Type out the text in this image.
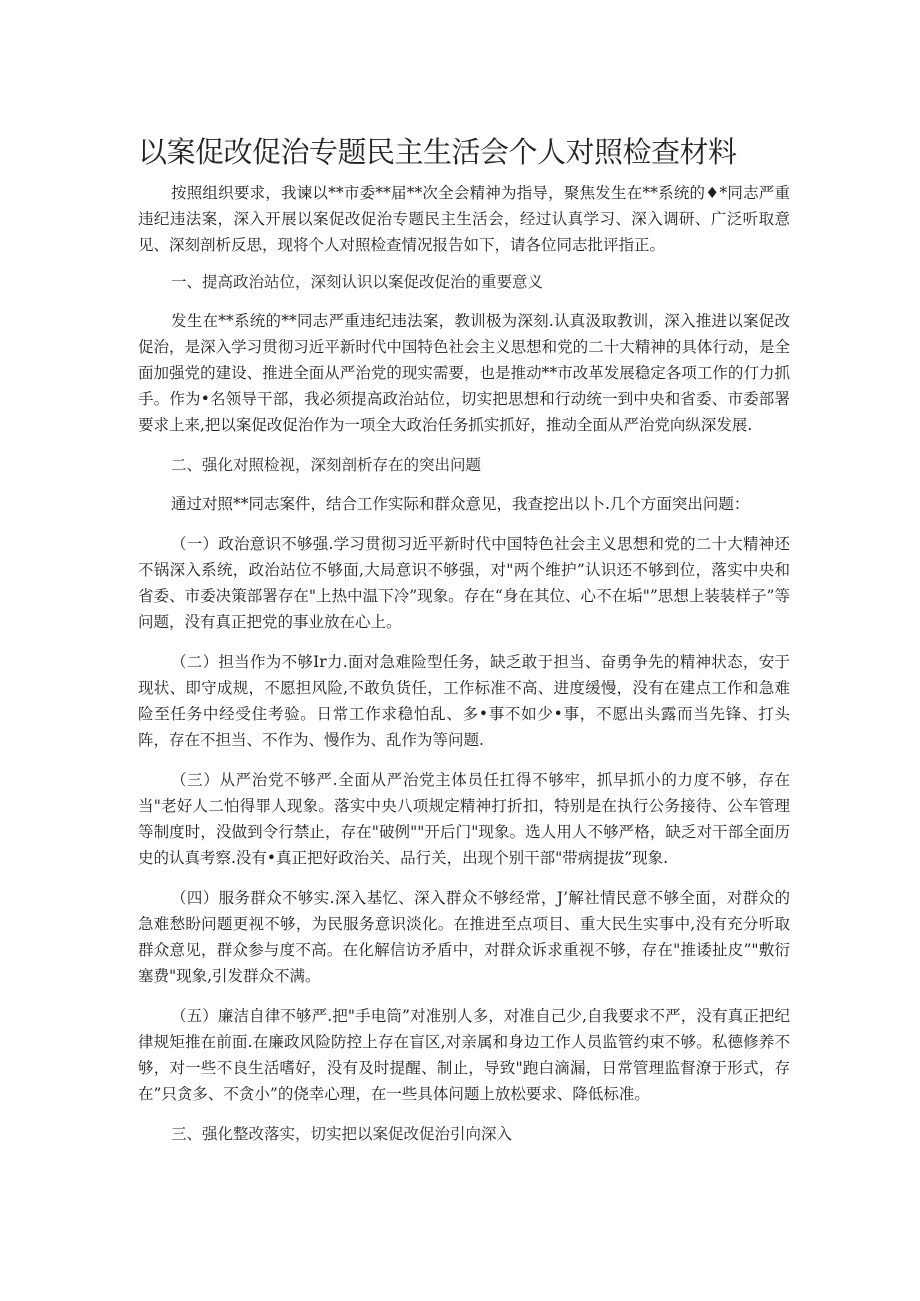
以案促改促治专题民主生活会个人对照检查材料

按照组织要求，我谏以**市委**届**次全会精神为指导，聚焦发生在**系统的♦*同志严重违纪违法案，深入开展以案促改促治专题民主生活会，经过认真学习、深入调研、广泛听取意见、深刻剖析反思，现将个人对照检查情况报告如下，请各位同志批评指正。

一、提高政治站位，深刻认识以案促改促治的重要意义

发生在**系统的**同志严重违纪违法案，教训极为深刻.认真汲取教训，深入推进以案促改促治，是深入学习贯彻习近平新时代中国特色社会主义思想和党的二十大精神的具体行动，是全面加强党的建设、推进全面从严治党的现实需要，也是推动**市改革发展稳定各项工作的仃力抓手。作为•名领导干部，我必须提高政治站位，切实把思想和行动统一到中央和省委、市委部署要求上来,把以案促改促治作为一项全大政治任务抓实抓好，推动全面从严治党向纵深发展.

二、强化对照检视，深刻剖析存在的突出问题

通过对照**同志案件，结合工作实际和群众意见，我查挖出以卜.几个方面突出问题：

（一）政治意识不够强.学习贯彻习近平新时代中国特色社会主义思想和党的二十大精神还不锅深入系统，政治站位不够面,大局意识不够强，对"两个维护”认识还不够到位，落实中央和省委、市委决策部署存在"上热中温下冷”现象。存在“身在其位、心不在垢"”思想上装装样子”等问题，没有真正把党的事业放在心上。

（二）担当作为不够Ir力.面对急难险型任务，缺乏敢于担当、奋勇争先的精神状态，安于现状、即守成规，不愿担风险,不敢负货任，工作标准不高、进度缓慢，没有在建点工作和急难险至任务中经受住考验。日常工作求稳怕乱、多•事不如少•事，不愿出头露而当先锋、打头阵，存在不担当、不作为、慢作为、乱作为等问题.

（三）从严治党不够严.全面从严治党主体员任扛得不够牢，抓早抓小的力度不够，存在当"老好人二怕得罪人现象。落实中央八项规定精神打折扣，特别是在执行公务接待、公车管理等制度时，没做到令行禁止，存在"破例""开后门"现象。选人用人不够严格，缺乏对干部全面历史的认真考察.没有•真正把好政治关、品行关，出现个别干部"带病提拔”现象.

（四）服务群众不够实.深入基忆、深入群众不够经常，J’解社情民意不够全面，对群众的急难愁盼问题更视不够，为民服务意识淡化。在推进至点项目、重大民生实事中,没有充分听取群众意见，群众参与度不高。在化解信访矛盾中，对群众诉求重视不够，存在"推诿扯皮”"敷衍塞费"现象,引发群众不满。

（五）廉洁自律不够严.把"手电筒”对准别人多，对准自己少,自我要求不严，没有真正把纪律规矩推在前面.在廉政风险防控上存在盲区,对亲属和身边工作人员监管约束不够。私德修养不够，对一些不良生活嗜好，没有及时提醒、制止，导致"跑白滴漏，日常管理监督潦于形式，存在”只贪多、不贪小”的侥幸心理，在一些具体问题上放松要求、降低标准。

三、强化整改落实，切实把以案促改促治引向深入
